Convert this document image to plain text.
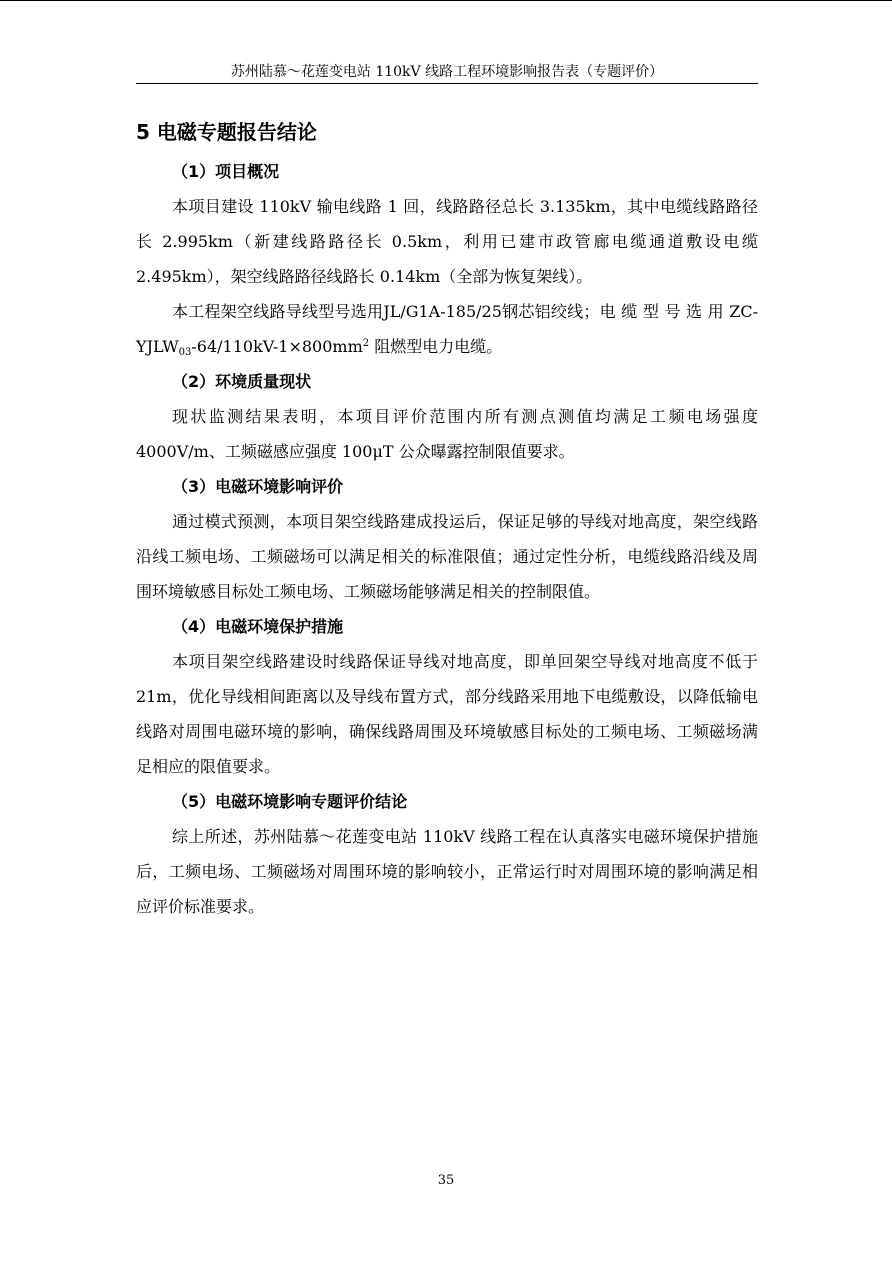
苏州陆慕～花莲变电站 110kV 线路工程环境影响报告表（专题评价）
5 电磁专题报告结论
（1）项目概况

本项目建设 110kV 输电线路 1 回，线路路径总长 3.135km，其中电缆线路路径长 2.995km（新建线路路径长 0.5km，利用已建市政管廊电缆通道敷设电缆 2.495km），架空线路路径线路长 0.14km（全部为恢复架线）。

本工程架空线路导线型号选用JL/G1A-185/25钢芯铝绞线；电 缆 型 号 选 用 $ZC-YJLW_{03}-64/110kV-1\times 800mm^2$ 阻燃型电力电缆。

（2）环境质量现状

现状监测结果表明，本项目评价范围内所有测点测值均满足工频电场强度 4000V/m、工频磁感应强度 100μT 公众曝露控制限值要求。

（3）电磁环境影响评价

通过模式预测，本项目架空线路建成投运后，保证足够的导线对地高度，架空线路沿线工频电场、工频磁场可以满足相关的标准限值；通过定性分析，电缆线路沿线及周围环境敏感目标处工频电场、工频磁场能够满足相关的控制限值。

（4）电磁环境保护措施

本项目架空线路建设时线路保证导线对地高度，即单回架空导线对地高度不低于 21m，优化导线相间距离以及导线布置方式，部分线路采用地下电缆敷设，以降低输电线路对周围电磁环境的影响，确保线路周围及环境敏感目标处的工频电场、工频磁场满足相应的限值要求。

（5）电磁环境影响专题评价结论

综上所述，苏州陆慕～花莲变电站 110kV 线路工程在认真落实电磁环境保护措施后，工频电场、工频磁场对周围环境的影响较小，正常运行时对周围环境的影响满足相应评价标准要求。

35
